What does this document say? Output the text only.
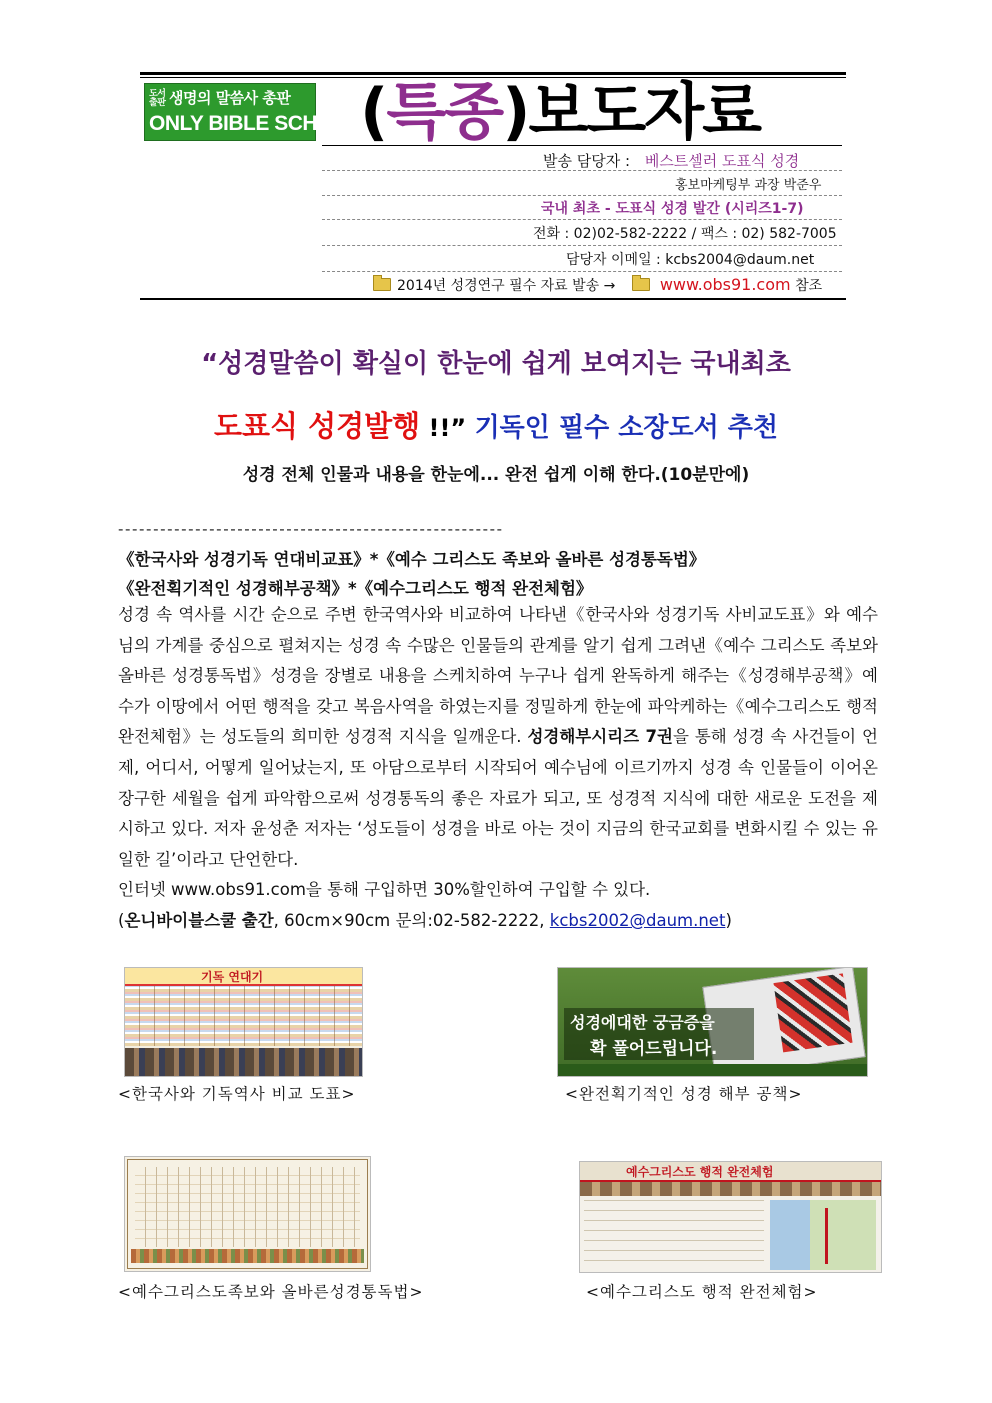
도서출판 생명의 말씀사 총판
ONLY BIBLE SCHOOL
(특종)보도자료
발송 담당자 : 베스트셀러 도표식 성경
홍보마케팅부 과장 박준우
국내 최초 - 도표식 성경 발간 (시리즈1-7)
전화 : 02)02-582-2222 / 팩스 : 02) 582-7005
담당자 이메일 : kcbs2004@daum.net
2014년 성경연구 필수 자료 발송 →	www.obs91.com 참조
“성경말씀이 확실이 한눈에 쉽게 보여지는 국내최초
도표식 성경발행 !!” 기독인 필수 소장도서 추천
성경 전체 인물과 내용을 한눈에... 완전 쉽게 이해 한다.(10분만에)
-------------------------------------------------------
《한국사와 성경기독 연대비교표》*《예수 그리스도 족보와 올바른 성경통독법》
《완전획기적인 성경해부공책》*《예수그리스도 행적 완전체험》

성경 속 역사를 시간 순으로 주변 한국역사와 비교하여 나타낸《한국사와 성경기독 사비교도표》와 예수님의 가계를 중심으로 펼쳐지는 성경 속 수많은 인물들의 관계를 알기 쉽게 그려낸《예수 그리스도 족보와 올바른 성경통독법》성경을 장별로 내용을 스케치하여 누구나 쉽게 완독하게 해주는《성경해부공책》예수가 이땅에서 어떤 행적을 갖고 복음사역을 하였는지를 정밀하게 한눈에 파악케하는《예수그리스도 행적 완전체험》는 성도들의 희미한 성경적 지식을 일깨운다. 성경해부시리즈 7권을 통해 성경 속 사건들이 언제, 어디서, 어떻게 일어났는지, 또 아담으로부터 시작되어 예수님에 이르기까지 성경 속 인물들이 이어온 장구한 세월을 쉽게 파악함으로써 성경통독의 좋은 자료가 되고, 또 성경적 지식에 대한 새로운 도전을 제시하고 있다. 저자 윤성춘 저자는 ‘성도들이 성경을 바로 아는 것이 지금의 한국교회를 변화시킬 수 있는 유일한 길’이라고 단언한다.

인터넷 www.obs91.com을 통해 구입하면 30%할인하여 구입할 수 있다.

(온니바이블스쿨 출간, 60cm×90cm 문의:02-582-2222, kcbs2002@daum.net)

기독 연대기
<한국사와 기독역사 비교 도표>
성경에대한 궁금증을
확 풀어드립니다.
<완전획기적인 성경 해부 공책>
<예수그리스도족보와 올바른성경통독법>
예수그리스도 행적 완전체험
<예수그리스도 행적 완전체험>
